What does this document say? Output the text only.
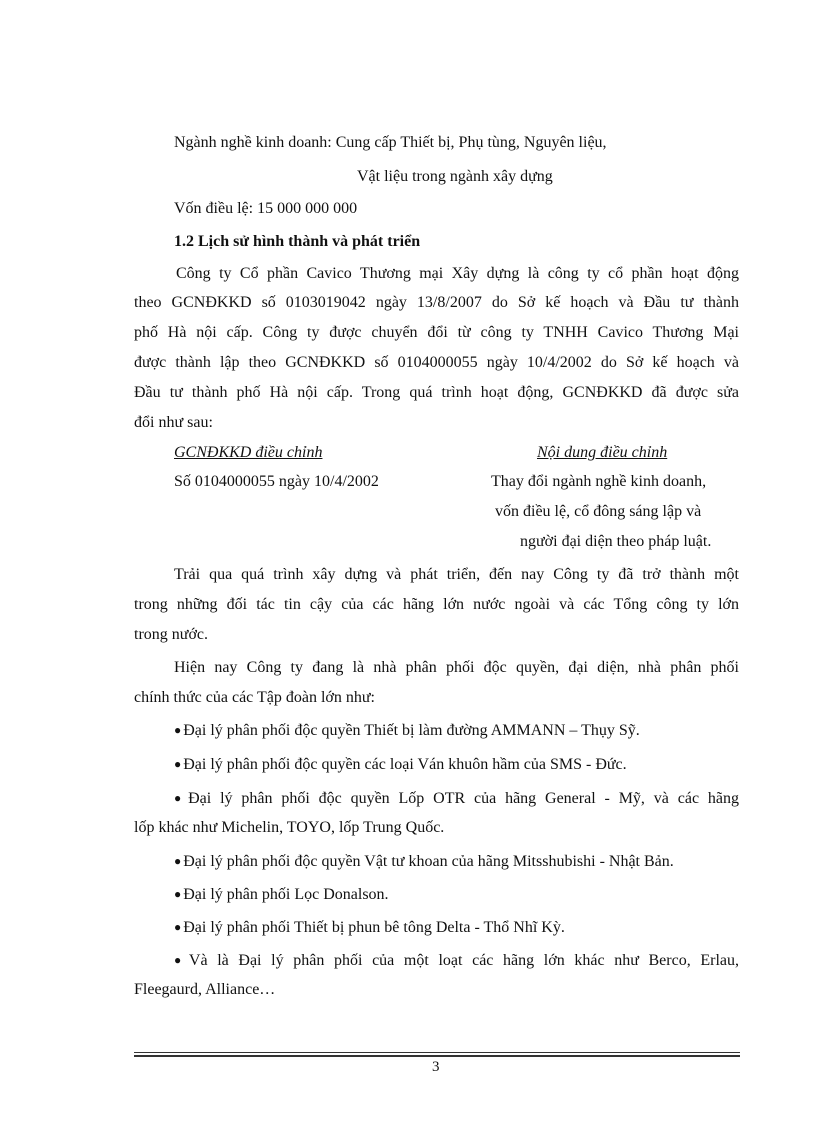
Ngành nghề kinh doanh: Cung cấp Thiết bị, Phụ tùng, Nguyên liệu,
Vật liệu trong ngành xây dựng
Vốn điều lệ: 15 000 000 000
1.2 Lịch sử hình thành và phát triển
Công ty Cổ phần Cavico Thương mại Xây dựng là công ty cổ phần hoạt động
theo GCNĐKKD số 0103019042 ngày 13/8/2007 do Sở kế hoạch và Đầu tư thành
phố Hà nội cấp. Công ty được chuyển đổi từ công ty TNHH Cavico Thương Mại
được thành lập theo GCNĐKKD số 0104000055 ngày 10/4/2002 do Sở kế hoạch và
Đầu tư thành phố Hà nội cấp. Trong quá trình hoạt động, GCNĐKKD đã được sửa
đổi như sau:
GCNĐKKD điều chỉnh	Nội dung điều chỉnh
Số 0104000055 ngày 10/4/2002	Thay đổi ngành nghề kinh doanh,
vốn điều lệ, cổ đông sáng lập và
người đại diện theo pháp luật.
Trải qua quá trình xây dựng và phát triển, đến nay Công ty đã trở thành một
trong những đối tác tin cậy của các hãng lớn nước ngoài và các Tổng công ty lớn
trong nước.
Hiện nay Công ty đang là nhà phân phối độc quyền, đại diện, nhà phân phối
chính thức của các Tập đoàn lớn như:
● Đại lý phân phối độc quyền Thiết bị làm đường AMMANN – Thụy Sỹ.
● Đại lý phân phối độc quyền các loại Ván khuôn hầm của SMS - Đức.
● Đại lý phân phối độc quyền Lốp OTR của hãng General - Mỹ, và các hãng
lốp khác như Michelin, TOYO, lốp Trung Quốc.
● Đại lý phân phối độc quyền Vật tư khoan của hãng Mitsshubishi - Nhật Bản.
● Đại lý phân phối Lọc Donalson.
● Đại lý phân phối Thiết bị phun bê tông Delta - Thổ Nhĩ Kỳ.
● Và là Đại lý phân phối của một loạt các hãng lớn khác như Berco, Erlau,
Fleegaurd, Alliance…
3
